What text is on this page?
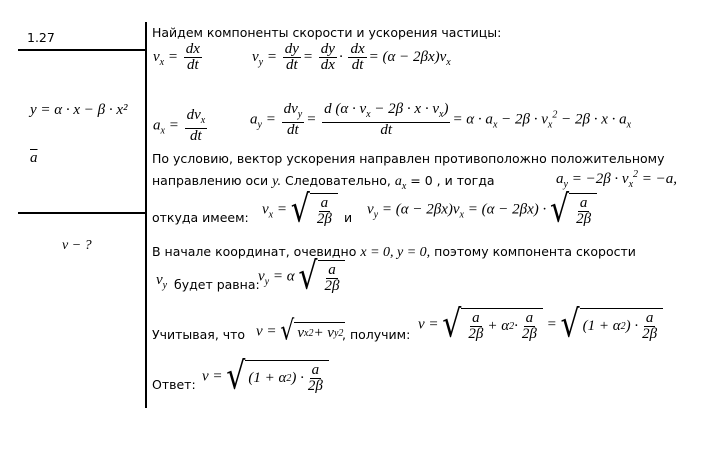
1.27
y = α · x − β · x²
$\overline{a}$
v − ?
Найдем компоненты скорости и ускорения частицы:
$v_x = \frac{dx}{dt}$	$v_y = \frac{dy}{dt} = \frac{dy}{dx} \cdot \frac{dx}{dt} = (\alpha - 2\beta x)v_x$
$a_x = \frac{dv_x}{dt}$	$a_y = \frac{dv_y}{dt} = \frac{d (\alpha \cdot v_x - 2\beta \cdot x \cdot v_x)}{dt} = \alpha \cdot a_x - 2\beta \cdot v_x^2 - 2\beta \cdot x \cdot a_x$
По условию, вектор ускорения направлен противоположно положительному
направлению оси y. Следовательно, $a_x = 0$ , и тогда	$a_y = -2\beta \cdot v_x^2 = -a$,
откуда имеем:
$v_x$ = √ $\frac{a}{2\beta}$ и
$v_y = (\alpha - 2\beta x)v_x = (\alpha - 2\beta x)$ · √ $\frac{a}{2\beta}$
В начале координат, очевидно x = 0, y = 0, поэтому компонента скорости
$v_y$ будет равна:
$v_y = \alpha$ √ $\frac{a}{2\beta}$
Учитывая, что v = √ v x 2 + v y 2
, получим:
v = √ $\frac{a}{2\beta} + \alpha$ $2 \cdot \frac{a}{2\beta}$ = √ (1 + α 2 ) · $\frac{a}{2\beta}$
Ответ:
v = √ (1 + α 2 ) · $\frac{a}{2\beta}$
